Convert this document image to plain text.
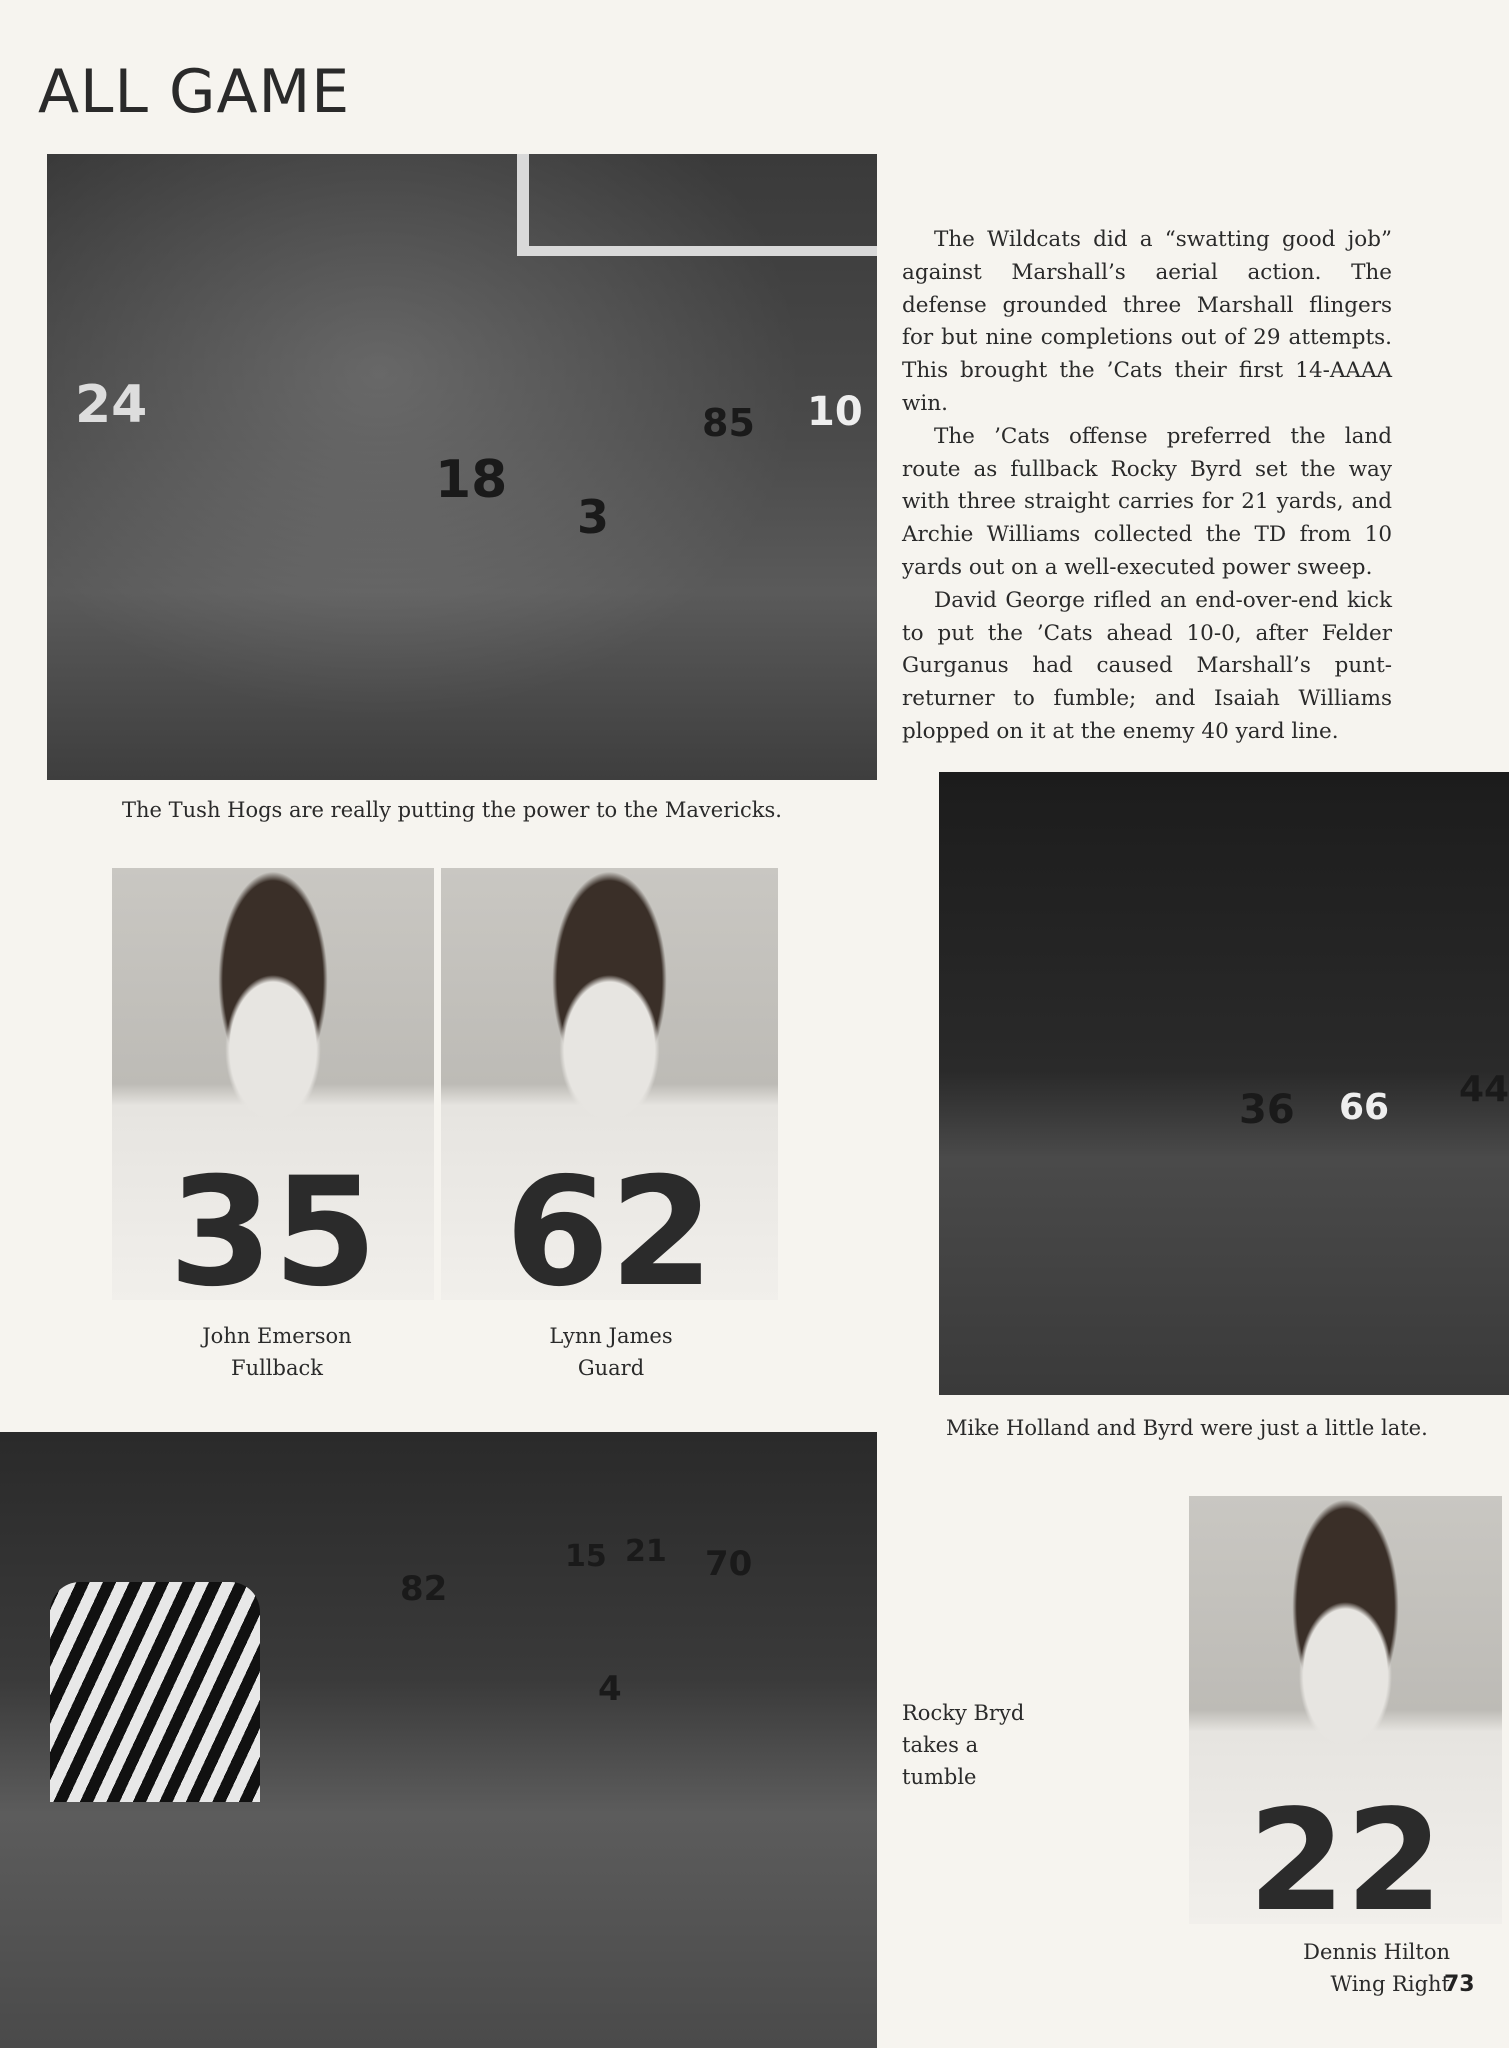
ALL GAME
24
18
10
85
3
The Tush Hogs are really putting the power to the Mavericks.

The Wildcats did a “swatting good job” against Marshall’s aerial action. The defense grounded three Marshall flingers for but nine completions out of 29 attempts. This brought the ’Cats their first 14-AAAA win.

The ’Cats offense preferred the land route as fullback Rocky Byrd set the way with three straight carries for 21 yards, and Archie Williams collected the TD from 10 yards out on a well-executed power sweep.

David George rifled an end-over-end kick to put the ’Cats ahead 10-0, after Felder Gurganus had caused Marshall’s punt-returner to fumble; and Isaiah Williams plopped on it at the enemy 40 yard line.

35 62
John Emerson
Fullback
Lynn James
Guard
36 66 44
Mike Holland and Byrd were just a little late.
82
15 21 70
4
Rocky Bryd
takes a
tumble
22
Dennis Hilton
Wing Right
73
